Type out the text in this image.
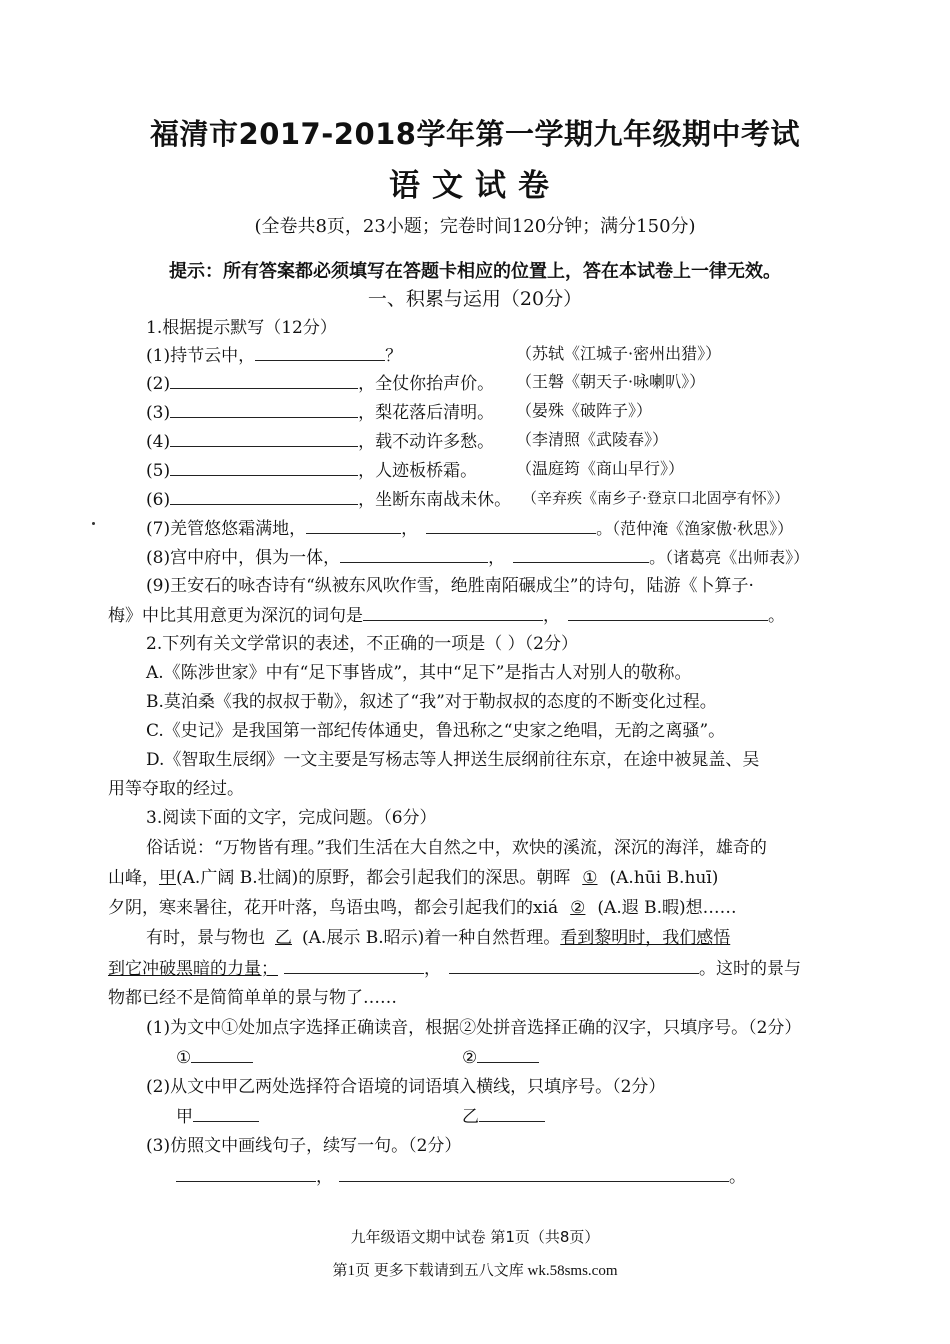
福清市2017-2018学年第一学期九年级期中考试
语文试卷
(全卷共8页，23小题；完卷时间120分钟；满分150分)
提示：所有答案都必须填写在答题卡相应的位置上，答在本试卷上一律无效。
一、积累与运用（20分）
1.根据提示默写（12分）
(1)持节云中，	？	（苏轼《江城子·密州出猎》）
(2)	，全仗你抬声价。 （王磐《朝天子·咏喇叭》）
(3)	，梨花落后清明。 （晏殊《破阵子》）
(4)	，载不动许多愁。 （李清照《武陵春》）
(5)	，人迹板桥霜。 （温庭筠《商山早行》）
(6)	，坐断东南战未休。 （辛弃疾《南乡子·登京口北固亭有怀》）
(7)羌管悠悠霜满地，	，	。（范仲淹《渔家傲·秋思》）
(8)宫中府中，俱为一体，	，	。（诸葛亮《出师表》）
(9)王安石的咏杏诗有“纵被东风吹作雪，绝胜南陌碾成尘”的诗句，陆游《卜算子·
梅》中比其用意更为深沉的词句是	，	。
2.下列有关文学常识的表述，不正确的一项是（ ）（2分）
A.《陈涉世家》中有“足下事皆成”，其中“足下”是指古人对别人的敬称。
B.莫泊桑《我的叔叔于勒》，叙述了“我”对于勒叔叔的态度的不断变化过程。
C.《史记》是我国第一部纪传体通史，鲁迅称之“史家之绝唱，无韵之离骚”。
D.《智取生辰纲》一文主要是写杨志等人押送生辰纲前往东京，在途中被晁盖、吴
用等夺取的经过。
3.阅读下面的文字，完成问题。（6分）
俗话说：“万物皆有理。”我们生活在大自然之中，欢快的溪流，深沉的海洋，雄奇的
山峰，甲(A.广阔 B.壮阔)的原野，都会引起我们的深思。朝晖 ① (A.hūi B.huī)
夕阴，寒来暑往，花开叶落，鸟语虫鸣，都会引起我们的xiá ② (A.遐 B.暇)想……
有时，景与物也 乙 (A.展示 B.昭示)着一种自然哲理。看到黎明时，我们感悟
到它冲破黑暗的力量；	，	。这时的景与
物都已经不是简简单单的景与物了……
(1)为文中①处加点字选择正确读音，根据②处拼音选择正确的汉字，只填序号。（2分）
①	②
(2)从文中甲乙两处选择符合语境的词语填入横线，只填序号。（2分）
甲	乙
(3)仿照文中画线句子，续写一句。（2分）
，	。
九年级语文期中试卷 第1页（共8页）
第1页 更多下载请到五八文库 wk.58sms.com
